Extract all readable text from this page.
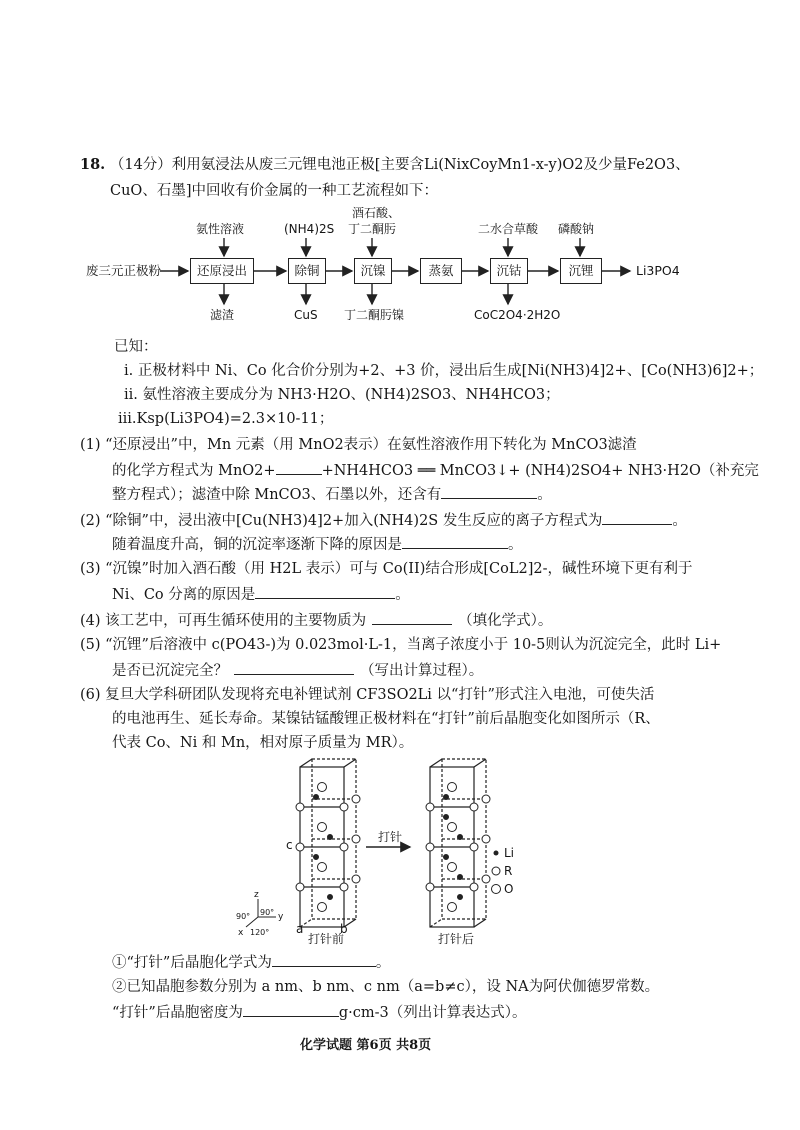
18. （14分）利用氨浸法从废三元锂电池正极[主要含Li(NixCoyMn1-x-y)O2及少量Fe2O3、
CuO、石墨]中回收有价金属的一种工艺流程如下：
废三元正极粉	Li3PO4
还原浸出	除铜	沉镍	蒸氨	沉钴	沉锂
氨性溶液	(NH4)2S
酒石酸、
丁二酮肟	二水合草酸 磷酸钠
滤渣	CuS 丁二酮肟镍	CoC2O4·2H2O
已知：
i. 正极材料中 Ni、Co 化合价分别为+2、+3 价，浸出后生成[Ni(NH3)4]2+、[Co(NH3)6]2+；
ii. 氨性溶液主要成分为 NH3·H2O、(NH4)2SO3、NH4HCO3；
iii.Ksp(Li3PO4)=2.3×10-11；
(1) “还原浸出”中，Mn 元素（用 MnO2表示）在氨性溶液作用下转化为 MnCO3滤渣
的化学方程式为 MnO2+	+NH4HCO3 ══ MnCO3↓+ (NH4)2SO4+ NH3·H2O（补充完
整方程式）；滤渣中除 MnCO3、石墨以外，还含有	。
(2) “除铜”中，浸出液中[Cu(NH3)4]2+加入(NH4)2S 发生反应的离子方程式为	。
随着温度升高，铜的沉淀率逐渐下降的原因是	。
(3) “沉镍”时加入酒石酸（用 H2L 表示）可与 Co(II)结合形成[CoL2]2-，碱性环境下更有利于
Ni、Co 分离的原因是	。
(4) 该工艺中，可再生循环使用的主要物质为	（填化学式）。
(5) “沉锂”后溶液中 c(PO43-)为 0.023mol·L-1，当离子浓度小于 10-5则认为沉淀完全，此时 Li+
是否已沉淀完全？	（写出计算过程）。
(6) 复旦大学科研团队发现将充电补锂试剂 CF3SO2Li 以“打针”形式注入电池，可使失活
的电池再生、延长寿命。某镍钴锰酸锂正极材料在“打针”前后晶胞变化如图所示（R、
代表 Co、Ni 和 Mn，相对原子质量为 MR）。
打针
打针前	打针后
Li
R
O
c
a	b
z
y
x
90° 90°
120°
①“打针”后晶胞化学式为	。
②已知晶胞参数分别为 a nm、b nm、c nm（a=b≠c），设 NA为阿伏伽德罗常数。
“打针”后晶胞密度为	g·cm-3（列出计算表达式）。
化学试题 第6页 共8页
